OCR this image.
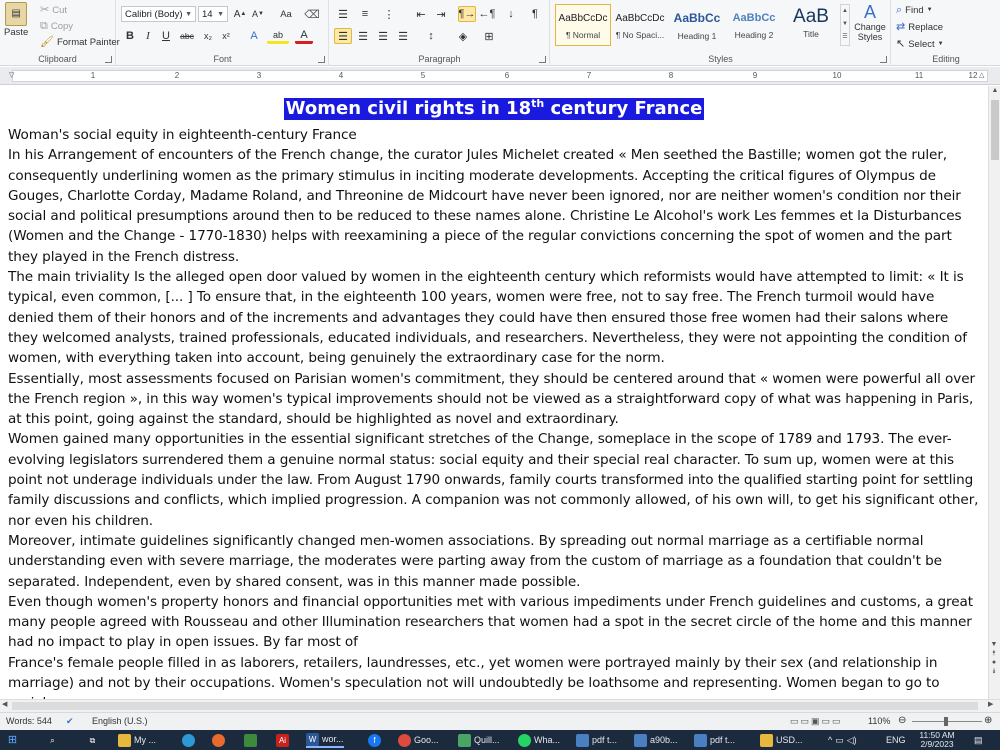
▤
Paste
✂ Cut
⧉ Copy
🖌 Format Painter
Clipboard
Calibri (Body) ▼ 14 ▼ A ▲ A ▼ Aa ⌫
B I U abc x₂ x² A ab A
Font
☰ ≡ ⋮ ⇤ ⇥ ¶→ ←¶ ↓ ¶
☰ ☰ ☰ ☰ ↕ ◈ ⊞
Paragraph
AaBbCcDc
¶ Normal
AaBbCcDc
¶ No Spaci...
AaBbCc
Heading 1
AaBbCc
Heading 2
AaB
Title
▲
▼
☰
A
Change Styles
Styles
⌕ Find ▼
⇄ Replace
↖ Select ▼
Editing
1	2	3	4	5	6	7	8	9	10	11	12
▽	△
Women civil rights in 18th century France

Woman's social equity in eighteenth-century France

In his Arrangement of encounters of the French change, the curator Jules Michelet created « Men seethed the Bastille; women got the ruler, consequently underlining women as the primary stimulus in inciting moderate developments. Accepting the critical figures of Olympus de Gouges, Charlotte Corday, Madame Roland, and Threonine de Midcourt have never been ignored, nor are neither women's condition nor their social and political presumptions around then to be reduced to these names alone. Christine Le Alcohol's work Les femmes et la Disturbances (Women and the Change - 1770-1830) helps with reexamining a piece of the regular convictions concerning the spot of women and the part they played in the French distress.

The main triviality Is the alleged open door valued by women in the eighteenth century which reformists would have attempted to limit: « It is typical, even common, [... ] To ensure that, in the eighteenth 100 years, women were free, not to say free. The French turmoil would have denied them of their honors and of the increments and advantages they could have then ensured those free women had their salons where they welcomed analysts, trained professionals, educated individuals, and researchers. Nevertheless, they were not appointing the condition of women, with everything taken into account, being genuinely the extraordinary case for the norm.

Essentially, most assessments focused on Parisian women's commitment, they should be centered around that « women were powerful all over the French region », in this way women's typical improvements should not be viewed as a straightforward copy of what was happening in Paris, at this point, going against the standard, should be highlighted as novel and extraordinary.

Women gained many opportunities in the essential significant stretches of the Change, someplace in the scope of 1789 and 1793. The ever-evolving legislators surrendered them a genuine normal status: social equity and their special real character. To sum up, women were at this point not underage individuals under the law. From August 1790 onwards, family courts transformed into the qualified starting point for settling family discussions and conflicts, which implied progression. A companion was not commonly allowed, of his own will, to get his significant other, nor even his children.

Moreover, intimate guidelines significantly changed men-women associations. By spreading out normal marriage as a certifiable normal understanding even with severe marriage, the moderates were parting away from the custom of marriage as a foundation that couldn't be separated. Independent, even by shared consent, was in this manner made possible.

Even though women's property honors and financial opportunities met with various impediments under French guidelines and customs, a great many people agreed with Rousseau and other Illumination researchers that women had a spot in the secret circle of the home and this manner had no impact to play in open issues. By far most of

France's female people filled in as laborers, retailers, laundresses, etc., yet women were portrayed mainly by their sex (and relationship in marriage) and not by their occupations. Women's speculation not will undoubtedly be loathsome and representing. Women began to go to

▲
▼
⯭
●
⯯
◀	▶
Words: 544 ✔ English (U.S.)	▭▭▣▭▭	110% ⊖	⊕
⊞	⌕	⧉	My ...	Ai	W wor...	f	Goo...	Quill...	Wha...	pdf t...	a90b...	pdf t...	USD...	^ ▭ ◁)	ENG	11:50 AM
2/9/2023	▤
